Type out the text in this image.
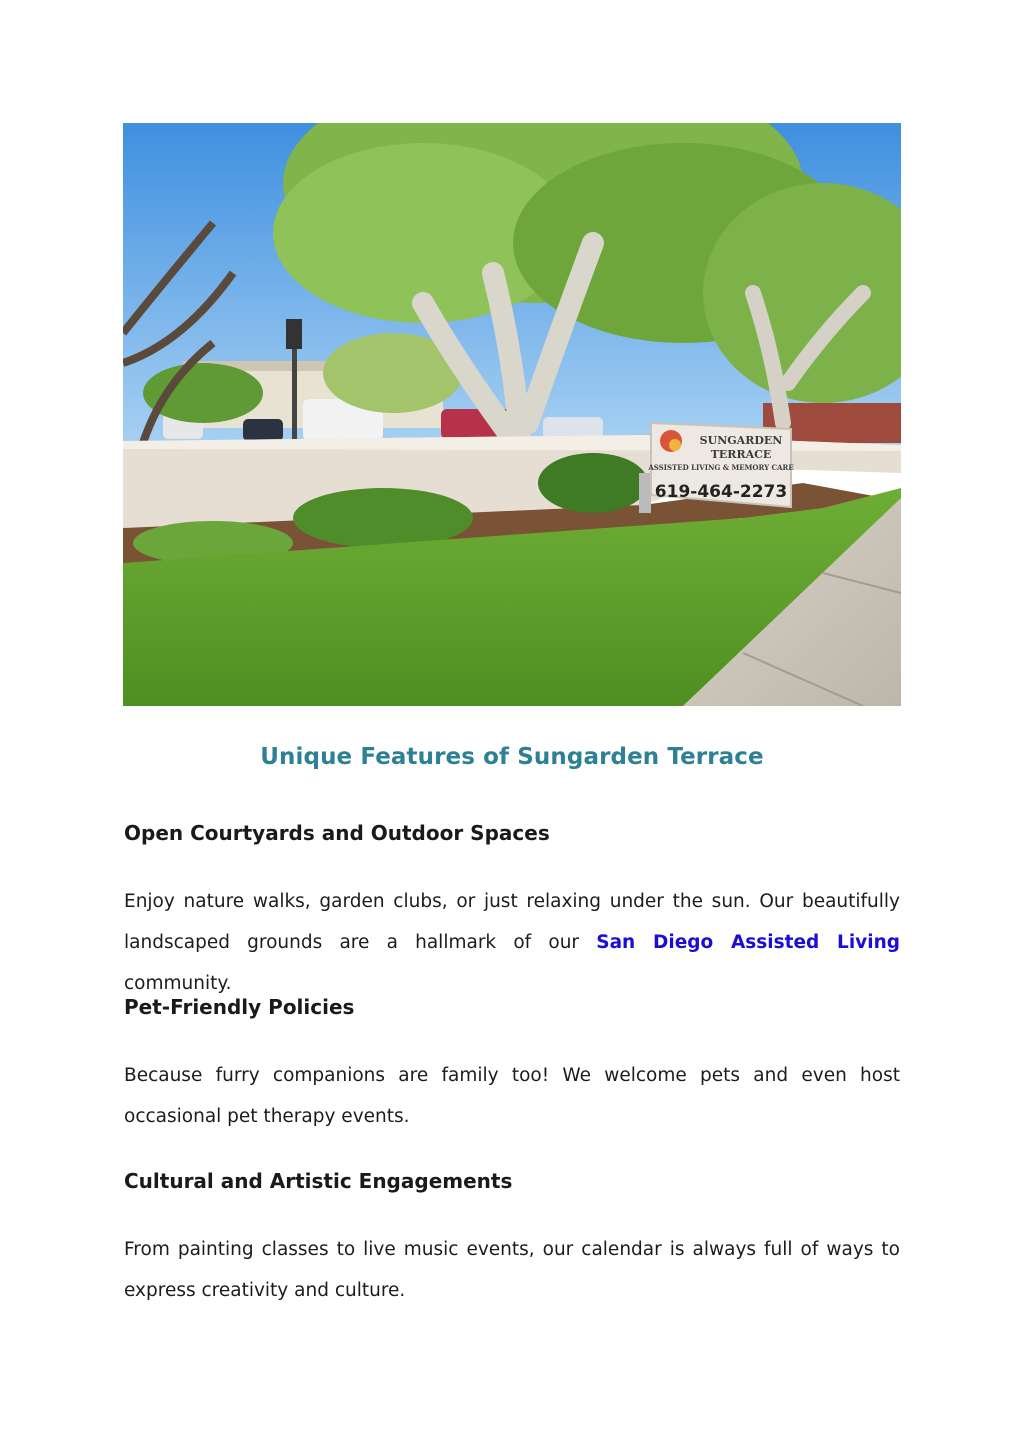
SUNGARDEN
TERRACE
ASSISTED LIVING & MEMORY CARE
619-464-2273
Unique Features of Sungarden Terrace
Open Courtyards and Outdoor Spaces

Enjoy nature walks, garden clubs, or just relaxing under the sun. Our beautifully landscaped grounds are a hallmark of our San Diego Assisted Living community.

Pet-Friendly Policies

Because furry companions are family too! We welcome pets and even host occasional pet therapy events.

Cultural and Artistic Engagements

From painting classes to live music events, our calendar is always full of ways to express creativity and culture.
